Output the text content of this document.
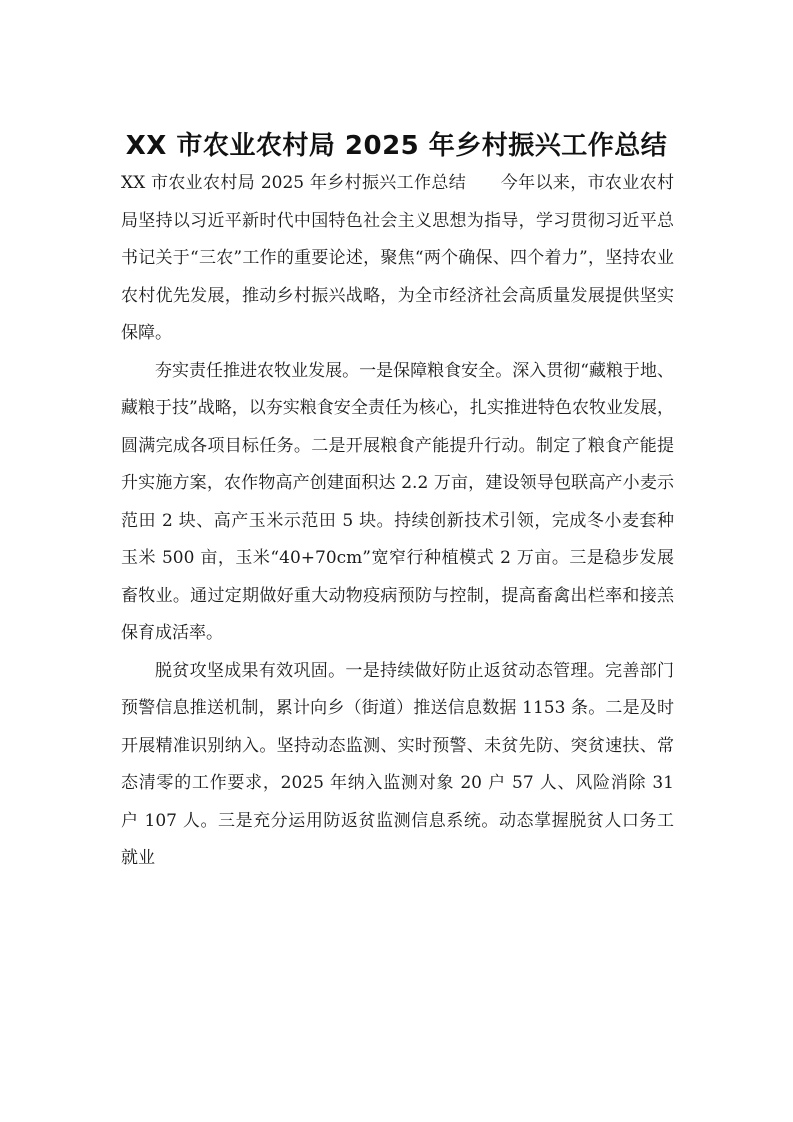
XX 市农业农村局 2025 年乡村振兴工作总结

XX 市农业农村局 2025 年乡村振兴工作总结　　今年以来，市农业农村局坚持以习近平新时代中国特色社会主义思想为指导，学习贯彻习近平总书记关于“三农”工作的重要论述，聚焦“两个确保、四个着力”，坚持农业农村优先发展，推动乡村振兴战略，为全市经济社会高质量发展提供坚实保障。

夯实责任推进农牧业发展。一是保障粮食安全。深入贯彻“藏粮于地、藏粮于技”战略，以夯实粮食安全责任为核心，扎实推进特色农牧业发展，圆满完成各项目标任务。二是开展粮食产能提升行动。制定了粮食产能提升实施方案，农作物高产创建面积达 2.2 万亩，建设领导包联高产小麦示范田 2 块、高产玉米示范田 5 块。持续创新技术引领，完成冬小麦套种玉米 500 亩，玉米“40+70cm”宽窄行种植模式 2 万亩。三是稳步发展畜牧业。通过定期做好重大动物疫病预防与控制，提高畜禽出栏率和接羔保育成活率。

脱贫攻坚成果有效巩固。一是持续做好防止返贫动态管理。完善部门预警信息推送机制，累计向乡（街道）推送信息数据 1153 条。二是及时开展精准识别纳入。坚持动态监测、实时预警、未贫先防、突贫速扶、常态清零的工作要求，2025 年纳入监测对象 20 户 57 人、风险消除 31 户 107 人。三是充分运用防返贫监测信息系统。动态掌握脱贫人口务工就业
